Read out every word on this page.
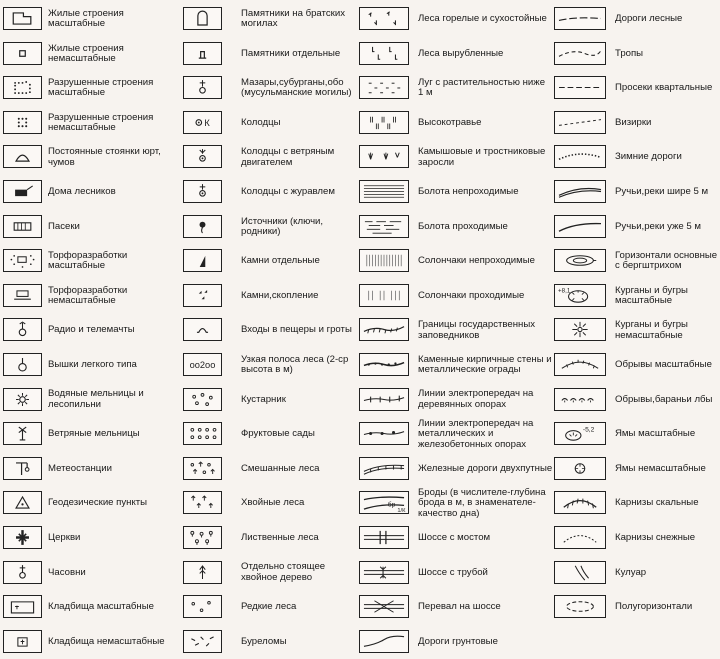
Жилые строения масштабные
Жилые строения немасштабные
Разрушенные строения масштабные
Разрушенные строения немасштабные
Постоянные стоянки юрт, чумов
Дома лесников
Пасеки
Торфоразработки масштабные
Торфоразработки немасштабные
Радио и телемачты
Вышки легкого типа
Водяные мельницы и лесопильни
Ветряные мельницы
Метеостанции
Геодезические пункты
Церкви
Часовни
Кладбища масштабные
Кладбища немасштабные
Памятники на братских могилах
Памятники отдельные
Мазары,субурганы,обо (мусульманские могилы)
К	Колодцы
Колодцы с ветряным двигателем
Колодцы с журавлем
Источники (ключи, родники)
Камни отдельные
Камни,скопление
Входы в пещеры и гроты
оо2оо
Узкая полоса леса (2-ср высота в м)
Кустарник
Фруктовые сады
Смешанные леса
Хвойные леса
Лиственные леса
Отдельно стоящее хвойное дерево
Редкие леса
Буреломы
Леса горелые и сухостойные
Леса вырубленные
Луг с растительностью ниже 1 м
Высокотравье
Камышовые и тростниковые заросли
Болота непроходимые
Болота проходимые
Солончаки непроходимые
Солончаки проходимые
Границы государственных заповедников
Каменные кирпичные стены и металлические ограды
Линии электропередач на деревянных опорах
Линии электропередач на металлических и железобетонных опорах
Железные дороги двухпутные
бр
1/К
Броды (в числителе-глубина брода в м, в знаменателе-качество дна)
Шоссе с мостом
Шоссе с трубой
Перевал на шоссе
Дороги грунтовые
Дороги лесные
Тропы
Просеки квартальные
Визирки
Зимние дороги
Ручьи,реки шире 5 м
Ручьи,реки уже 5 м
Горизонтали основные с бергштрихом
+8,1	Курганы и бугры масштабные
Курганы и бугры немасштабные
Обрывы масштабные
Обрывы,бараньи лбы
-5,2 Ямы масштабные
Ямы немасштабные
Карнизы скальные
Карнизы снежные
Кулуар
Полугоризонтали
